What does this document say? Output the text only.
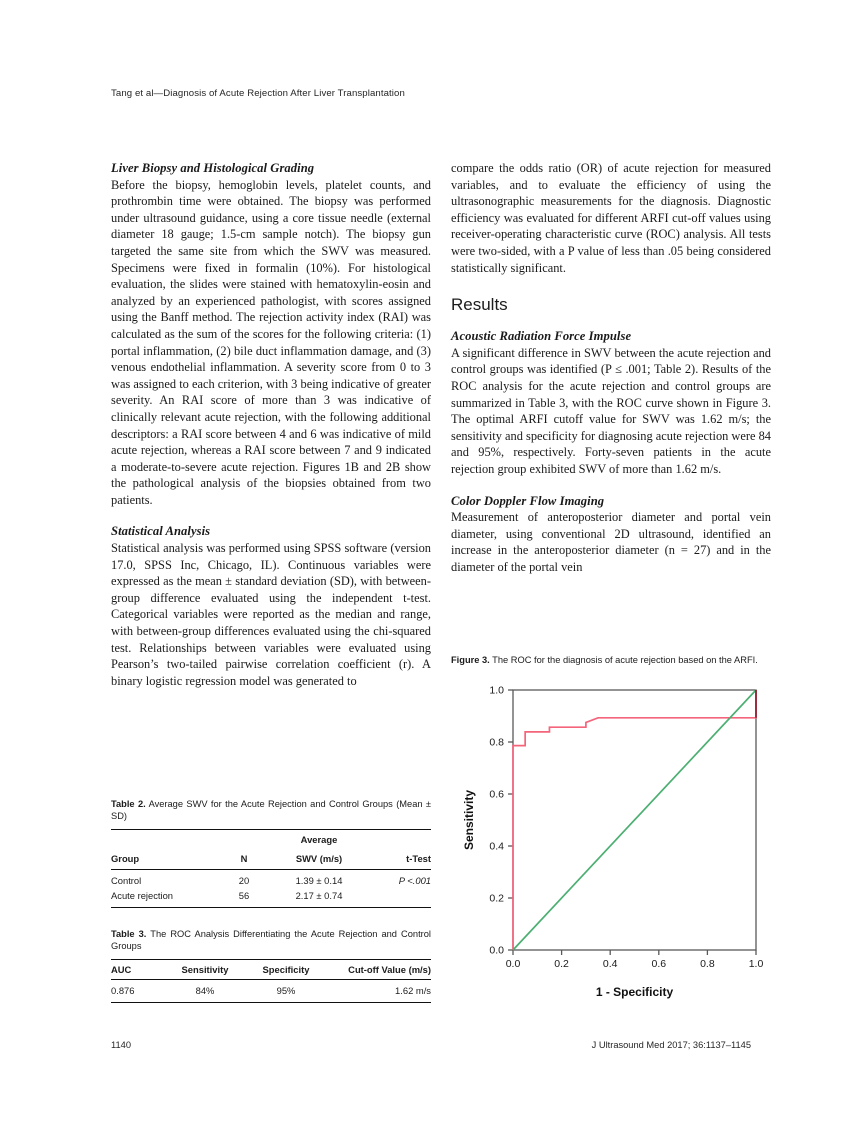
Tang et al—Diagnosis of Acute Rejection After Liver Transplantation
Liver Biopsy and Histological Grading

Before the biopsy, hemoglobin levels, platelet counts, and prothrombin time were obtained. The biopsy was performed under ultrasound guidance, using a core tissue needle (external diameter 18 gauge; 1.5-cm sample notch). The biopsy gun targeted the same site from which the SWV was measured. Specimens were fixed in formalin (10%). For histological evaluation, the slides were stained with hematoxylin-eosin and analyzed by an experienced pathologist, with scores assigned using the Banff method. The rejection activity index (RAI) was calculated as the sum of the scores for the following criteria: (1) portal inflammation, (2) bile duct inflammation damage, and (3) venous endothelial inflammation. A severity score from 0 to 3 was assigned to each criterion, with 3 being indicative of greater severity. An RAI score of more than 3 was indicative of clinically relevant acute rejection, with the following additional descriptors: a RAI score between 4 and 6 was indicative of mild acute rejection, whereas a RAI score between 7 and 9 indicated a moderate-to-severe acute rejection. Figures 1B and 2B show the pathological analysis of the biopsies obtained from two patients.

Statistical Analysis

Statistical analysis was performed using SPSS software (version 17.0, SPSS Inc, Chicago, IL). Continuous variables were expressed as the mean ± standard deviation (SD), with between-group difference evaluated using the independent t-test. Categorical variables were reported as the median and range, with between-group differences evaluated using the chi-squared test. Relationships between variables were evaluated using Pearson’s two-tailed pairwise correlation coefficient (r). A binary logistic regression model was generated to

compare the odds ratio (OR) of acute rejection for measured variables, and to evaluate the efficiency of using the ultrasonographic measurements for the diagnosis. Diagnostic efficiency was evaluated for different ARFI cut-off values using receiver-operating characteristic curve (ROC) analysis. All tests were two-sided, with a P value of less than .05 being considered statistically significant.

Results
Acoustic Radiation Force Impulse

A significant difference in SWV between the acute rejection and control groups was identified (P ≤ .001; Table 2). Results of the ROC analysis for the acute rejection and control groups are summarized in Table 3, with the ROC curve shown in Figure 3. The optimal ARFI cutoff value for SWV was 1.62 m/s; the sensitivity and specificity for diagnosing acute rejection were 84 and 95%, respectively. Forty-seven patients in the acute rejection group exhibited SWV of more than 1.62 m/s.

Color Doppler Flow Imaging

Measurement of anteroposterior diameter and portal vein diameter, using conventional 2D ultrasound, identified an increase in the anteroposterior diameter (n = 27) and in the diameter of the portal vein

Table 2. Average SWV for the Acute Rejection and Control Groups (Mean ± SD)
		Average	
Group	N	SWV (m/s)	t-Test
Control	20	1.39 ± 0.14	P <.001
Acute rejection	56	2.17 ± 0.74	
Table 3. The ROC Analysis Differentiating the Acute Rejection and Control Groups
AUC	Sensitivity	Specificity	Cut-off Value (m/s)
0.876	84%	95%	1.62 m/s
Figure 3. The ROC for the diagnosis of acute rejection based on the ARFI.
0.0	0.2	0.4	0.6	0.8	1.0
0.0
0.2
0.4
0.6
0.8
1.0
1 - Specificity
Sensitivity
1140	J Ultrasound Med 2017; 36:1137–1145
